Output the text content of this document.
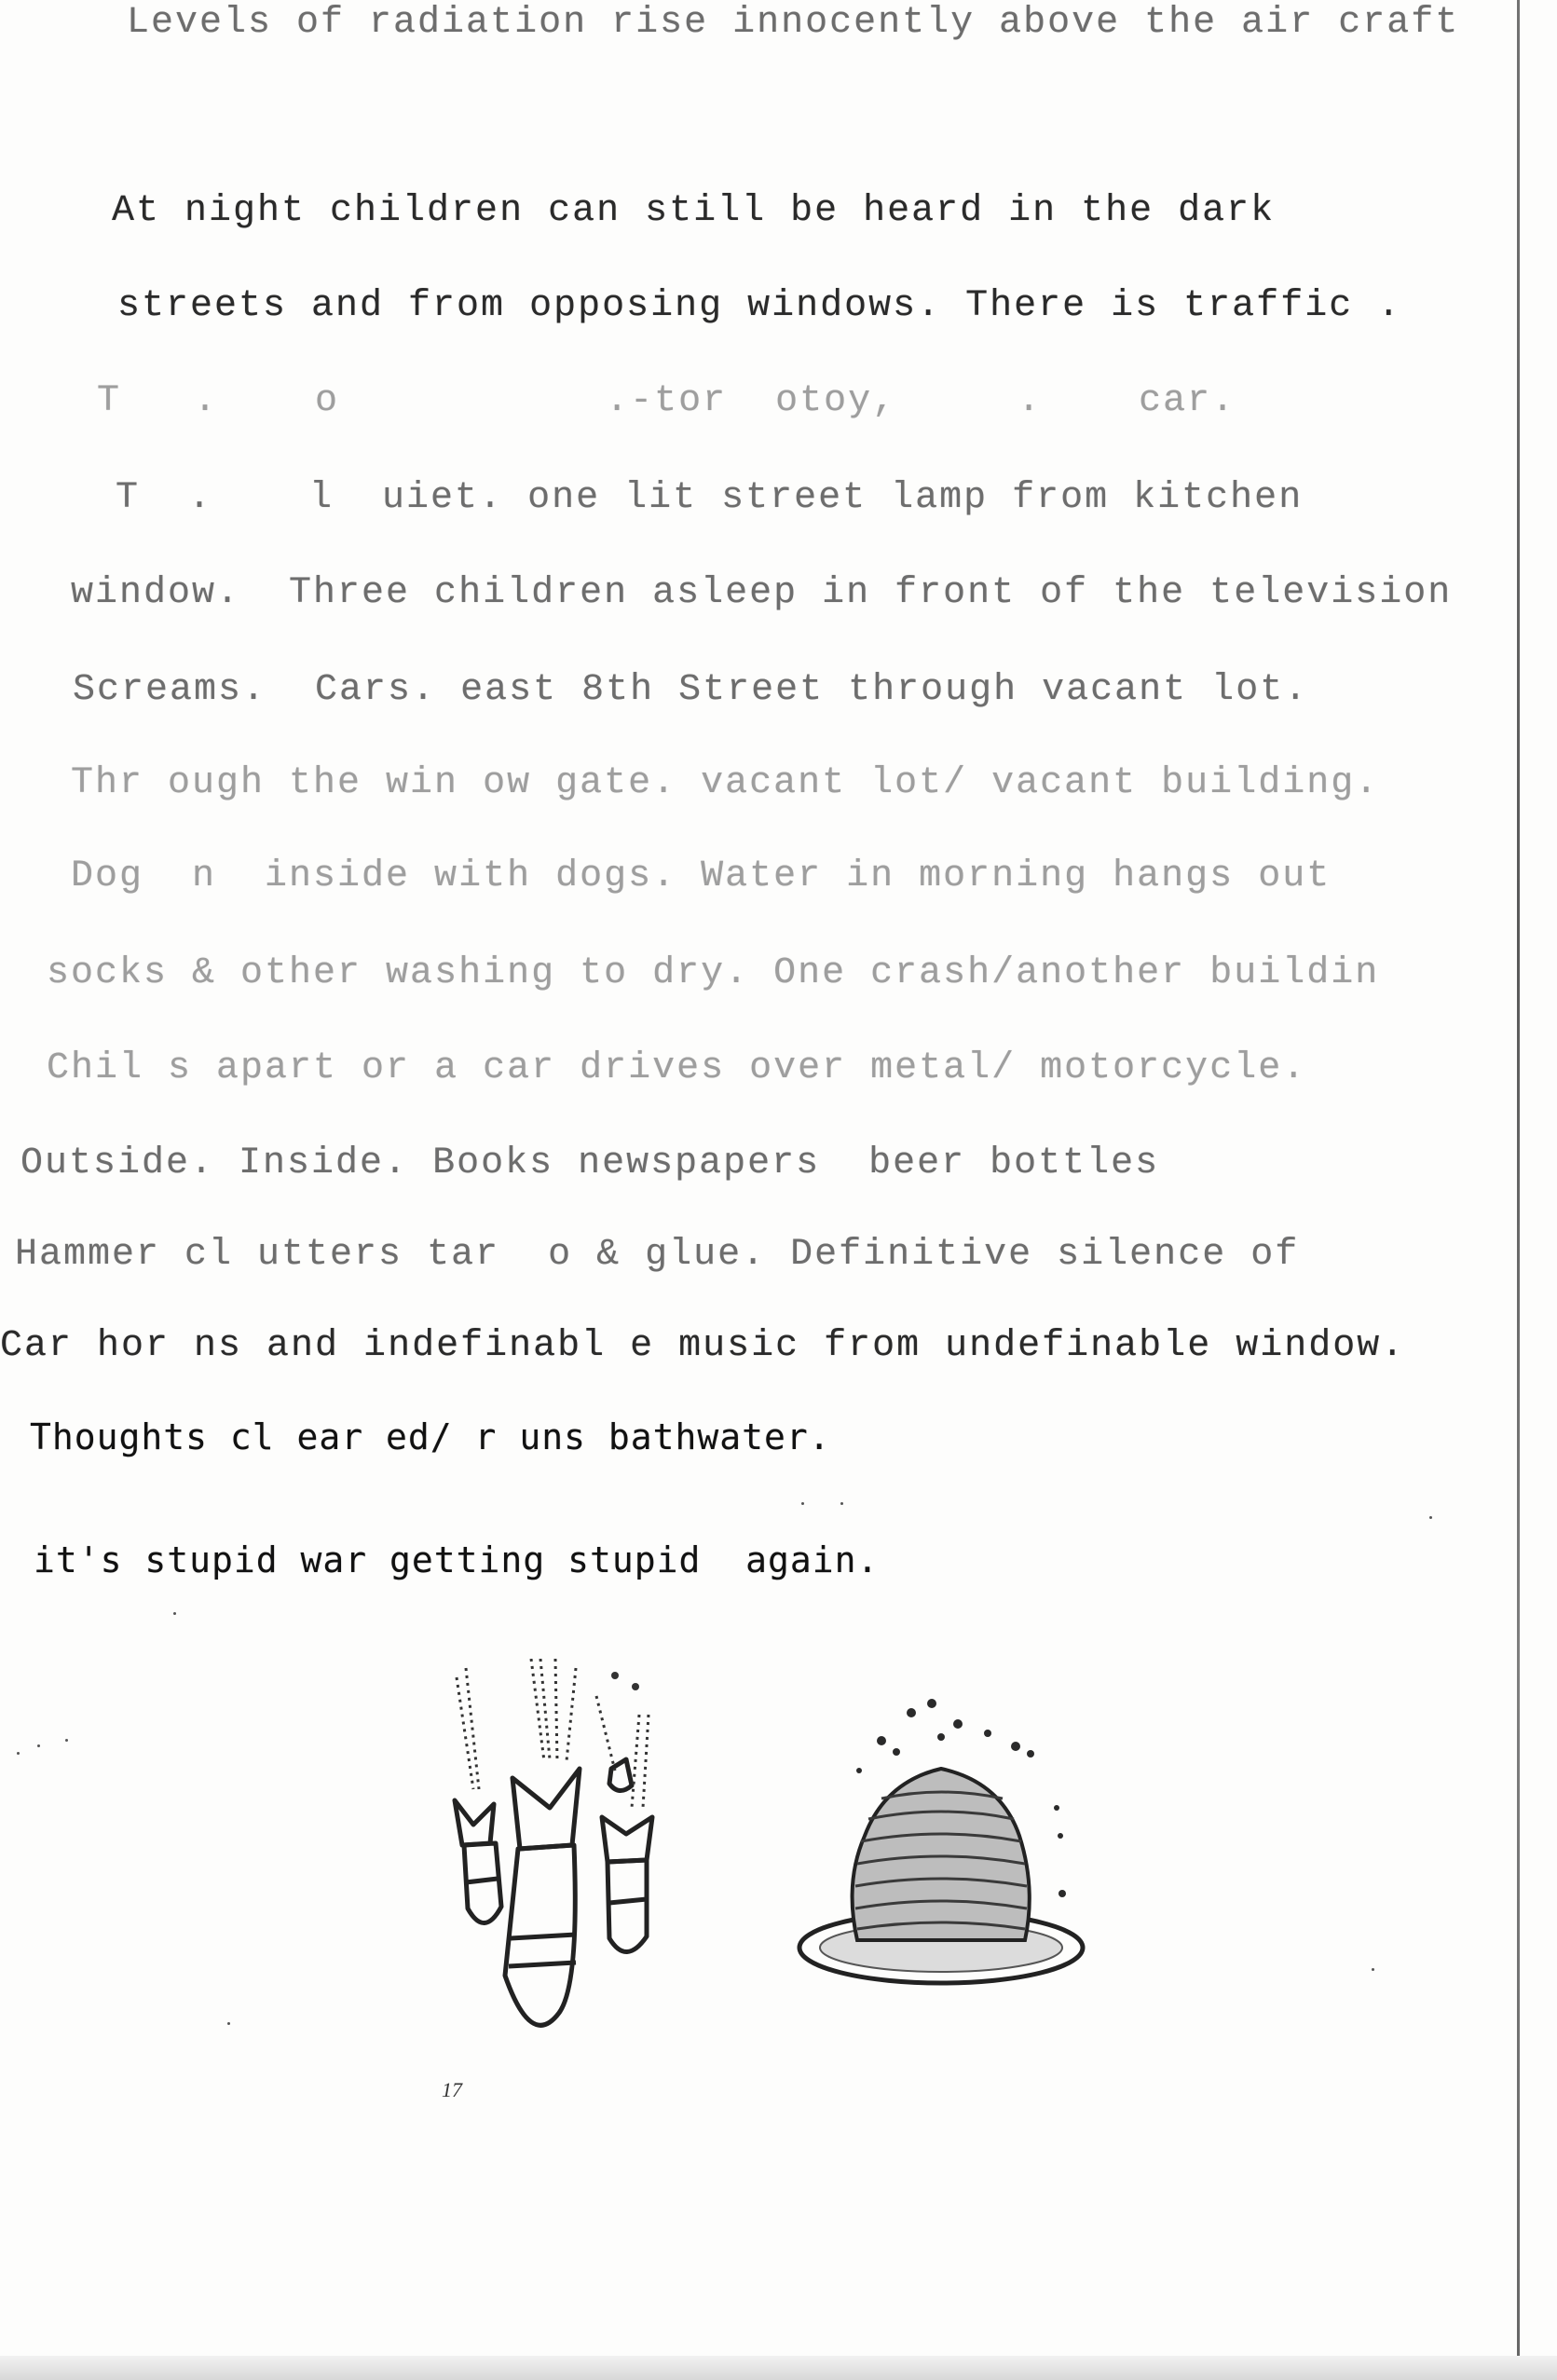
Levels of radiation rise innocently above the air craft
At night children can still be heard in the dark
streets and from opposing windows. There is traffic .
T   .    o           .-tor  otoy,     .    car.
T  .    l  uiet. one lit street lamp from kitchen
window.  Three children asleep in front of the television
Screams.  Cars. east 8th Street through vacant lot.
Thr ough the win ow gate. vacant lot/ vacant building.
Dog  n  inside with dogs. Water in morning hangs out
socks & other washing to dry. One crash/another buildin
Chil s apart or a car drives over metal/ motorcycle.
Outside. Inside. Books newspapers  beer bottles
Hammer cl utters tar  o & glue. Definitive silence of
Car hor ns and indefinabl e music from undefinable window.
Thoughts cl ear ed/ r uns bathwater.
it's stupid war getting stupid  again.
17
